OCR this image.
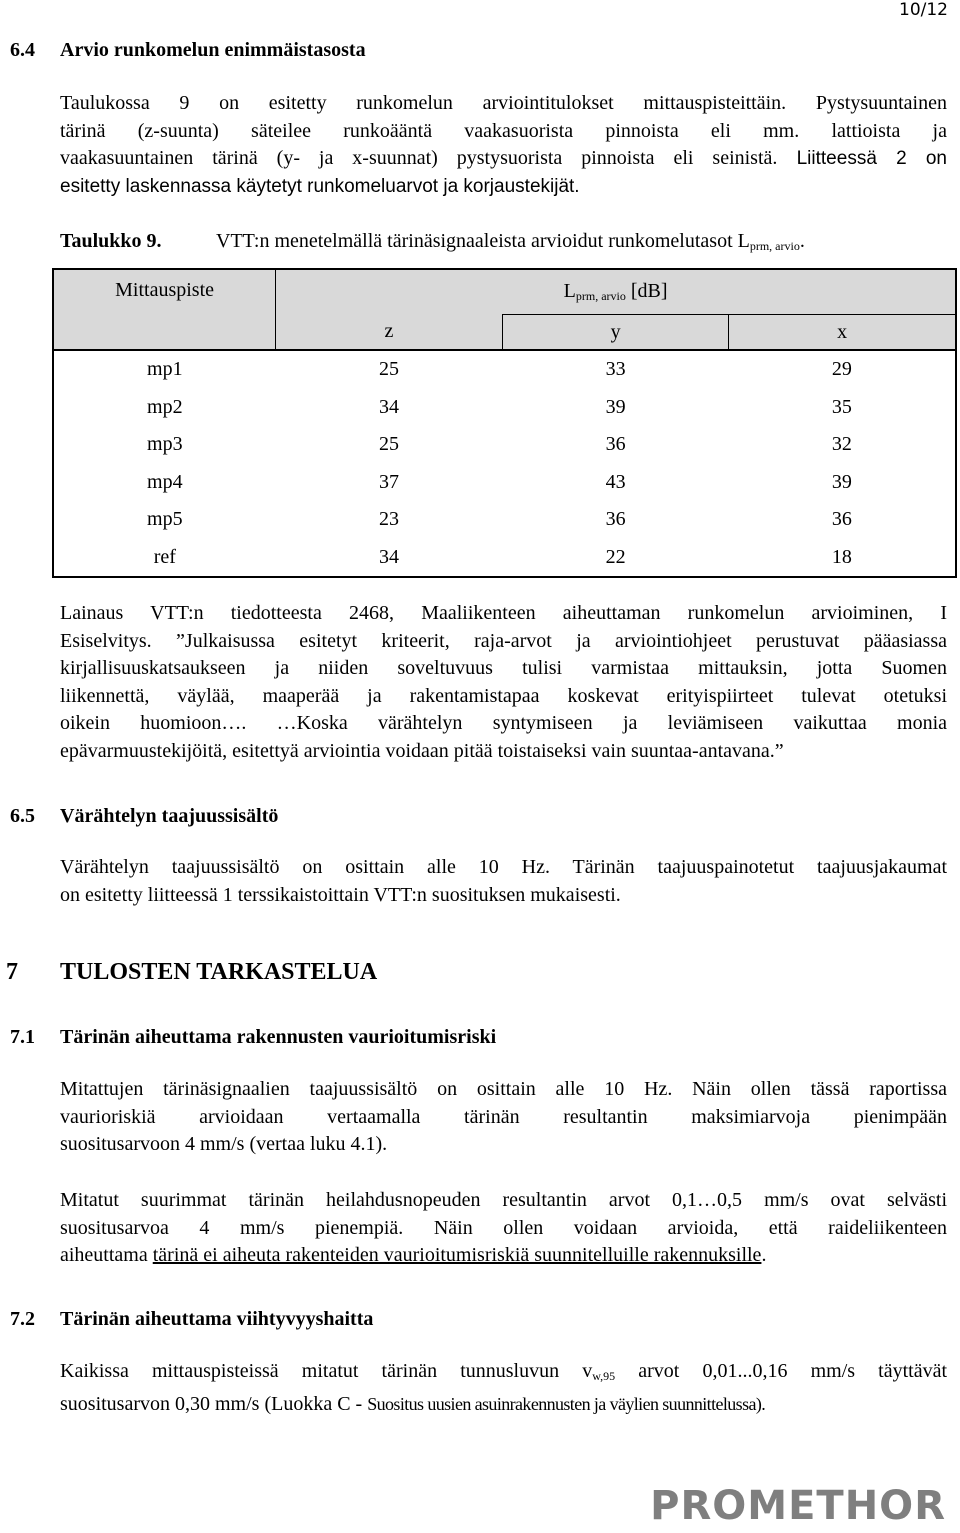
10/12
6.4 Arvio runkomelun enimmäistasosta
Taulukossa 9 on esitetty runkomelun arviointitulokset mittauspisteittäin. Pystysuuntainen
tärinä (z-suunta) säteilee runkoääntä vaakasuorista pinnoista eli mm. lattioista ja
vaakasuuntainen tärinä (y- ja x-suunnat) pystysuorista pinnoista eli seinistä. Liitteessä 2 on
esitetty laskennassa käytetyt runkomeluarvot ja korjaustekijät.
Taulukko 9.	VTT:n menetelmällä tärinäsignaaleista arvioidut runkomelutasot $L_{prm, arvio}$.
Mittauspiste	$L_{prm, arvio}$ [dB]		
	z	y	x
mp1	25	33	29
mp2	34	39	35
mp3	25	36	32
mp4	37	43	39
mp5	23	36	36
ref	34	22	18
Lainaus VTT:n tiedotteesta 2468, Maaliikenteen aiheuttaman runkomelun arvioiminen, I
Esiselvitys. ”Julkaisussa esitetyt kriteerit, raja-arvot ja arviointiohjeet perustuvat pääasiassa
kirjallisuuskatsaukseen ja niiden soveltuvuus tulisi varmistaa mittauksin, jotta Suomen
liikennettä, väylää, maaperää ja rakentamistapaa koskevat erityispiirteet tulevat otetuksi
oikein huomioon…. …Koska värähtelyn syntymiseen ja leviämiseen vaikuttaa monia
epävarmuustekijöitä, esitettyä arviointia voidaan pitää toistaiseksi vain suuntaa-antavana.”
6.5 Värähtelyn taajuussisältö
Värähtelyn taajuussisältö on osittain alle 10 Hz. Tärinän taajuuspainotetut taajuusjakaumat
on esitetty liitteessä 1 terssikaistoittain VTT:n suosituksen mukaisesti.
7 TULOSTEN TARKASTELUA
7.1 Tärinän aiheuttama rakennusten vaurioitumisriski
Mitattujen tärinäsignaalien taajuussisältö on osittain alle 10 Hz. Näin ollen tässä raportissa
vaurioriskiä arvioidaan vertaamalla tärinän resultantin maksimiarvoja pienimpään
suositusarvoon 4 mm/s (vertaa luku 4.1).
Mitatut suurimmat tärinän heilahdusnopeuden resultantin arvot 0,1…0,5 mm/s ovat selvästi
suositusarvoa 4 mm/s pienempiä. Näin ollen voidaan arvioida, että raideliikenteen
aiheuttama tärinä ei aiheuta rakenteiden vaurioitumisriskiä suunnitelluille rakennuksille.
7.2 Tärinän aiheuttama viihtyvyyshaitta
Kaikissa mittauspisteissä mitatut tärinän tunnusluvun $v_{w,95}$ arvot 0,01...0,16 mm/s täyttävät
suositusarvon 0,30 mm/s (Luokka C - Suositus uusien asuinrakennusten ja väylien suunnittelussa).
PROMETHOR
